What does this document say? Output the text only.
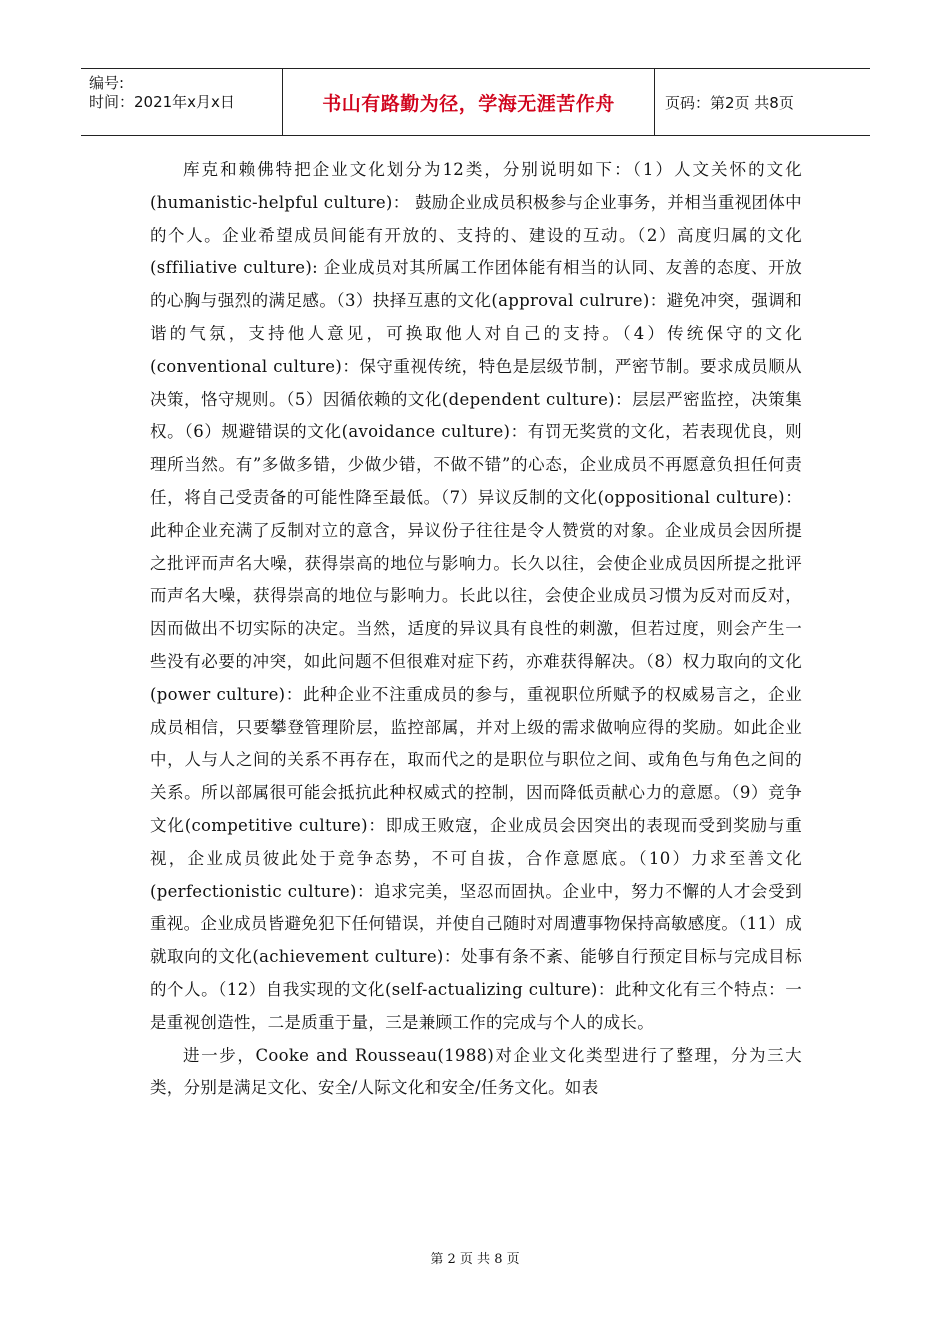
编号:
时间：2021年x月x日	书山有路勤为径，学海无涯苦作舟	页码：第2页 共8页

库克和赖佛特把企业文化划分为12类，分别说明如下：（1）人文关怀的文化(humanistic-helpful culture)： 鼓励企业成员积极参与企业事务，并相当重视团体中的个人。企业希望成员间能有开放的、支持的、建设的互动。（2）高度归属的文化(sffiliative culture): 企业成员对其所属工作团体能有相当的认同、友善的态度、开放的心胸与强烈的满足感。（3）抉择互惠的文化(approval culrure)：避免冲突，强调和谐的气氛，支持他人意见，可换取他人对自己的支持。（4）传统保守的文化(conventional culture)：保守重视传统，特色是层级节制，严密节制。要求成员顺从决策，恪守规则。（5）因循依赖的文化(dependent culture)：层层严密监控，决策集权。（6）规避错误的文化(avoidance culture)：有罚无奖赏的文化，若表现优良，则理所当然。有”多做多错，少做少错，不做不错”的心态，企业成员不再愿意负担任何责任，将自己受责备的可能性降至最低。（7）异议反制的文化(oppositional culture)：此种企业充满了反制对立的意含，异议份子往往是令人赞赏的对象。企业成员会因所提之批评而声名大噪，获得崇高的地位与影响力。长久以往，会使企业成员因所提之批评而声名大噪，获得崇高的地位与影响力。长此以往，会使企业成员习惯为反对而反对，因而做出不切实际的决定。当然，适度的异议具有良性的刺激，但若过度，则会产生一些没有必要的冲突，如此问题不但很难对症下药，亦难获得解决。（8）权力取向的文化(power culture)：此种企业不注重成员的参与，重视职位所赋予的权威易言之，企业成员相信，只要攀登管理阶层，监控部属，并对上级的需求做响应得的奖励。如此企业中，人与人之间的关系不再存在，取而代之的是职位与职位之间、或角色与角色之间的关系。所以部属很可能会抵抗此种权威式的控制，因而降低贡献心力的意愿。（9）竞争文化(competitive culture)：即成王败寇，企业成员会因突出的表现而受到奖励与重视，企业成员彼此处于竞争态势，不可自拔，合作意愿底。（10）力求至善文化(perfectionistic culture)：追求完美，坚忍而固执。企业中，努力不懈的人才会受到重视。企业成员皆避免犯下任何错误，并使自己随时对周遭事物保持高敏感度。（11）成就取向的文化(achievement culture)：处事有条不紊、能够自行预定目标与完成目标的个人。（12）自我实现的文化(self-actualizing culture)：此种文化有三个特点：一是重视创造性，二是质重于量，三是兼顾工作的完成与个人的成长。

进一步，Cooke and Rousseau(1988)对企业文化类型进行了整理，分为三大类，分别是满足文化、安全/人际文化和安全/任务文化。如表

第 2 页 共 8 页
